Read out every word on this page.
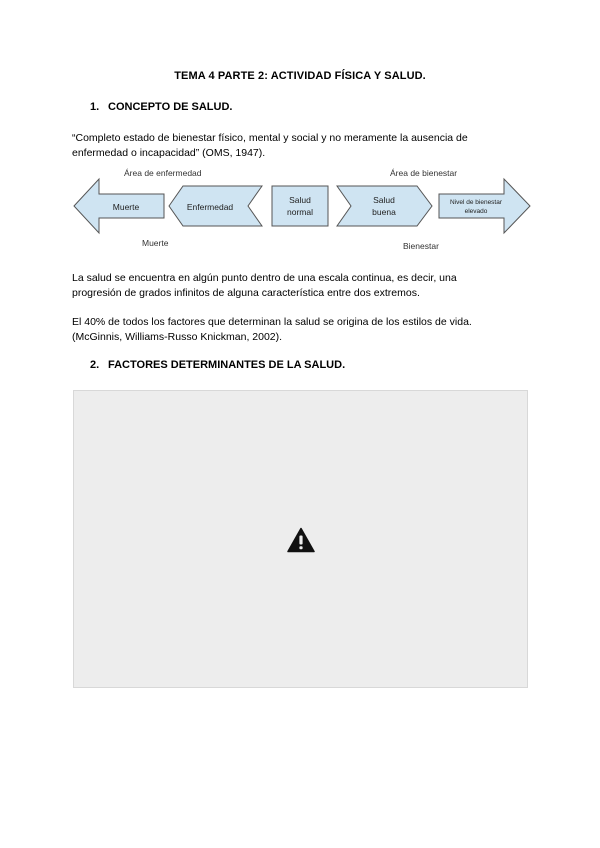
TEMA 4 PARTE 2: ACTIVIDAD FÍSICA Y SALUD.
1. CONCEPTO DE SALUD.
“Completo estado de bienestar físico, mental y social y no meramente la ausencia de
enfermedad o incapacidad” (OMS, 1947).
Área de enfermedad	Área de bienestar
Muerte	Enfermedad
Salud
normal
Salud
buena
Nivel de bienestar
elevado
Muerte	Bienestar
La salud se encuentra en algún punto dentro de una escala continua, es decir, una
progresión de grados infinitos de alguna característica entre dos extremos.
El 40% de todos los factores que determinan la salud se origina de los estilos de vida.
(McGinnis, Williams-Russo Knickman, 2002).
2. FACTORES DETERMINANTES DE LA SALUD.
